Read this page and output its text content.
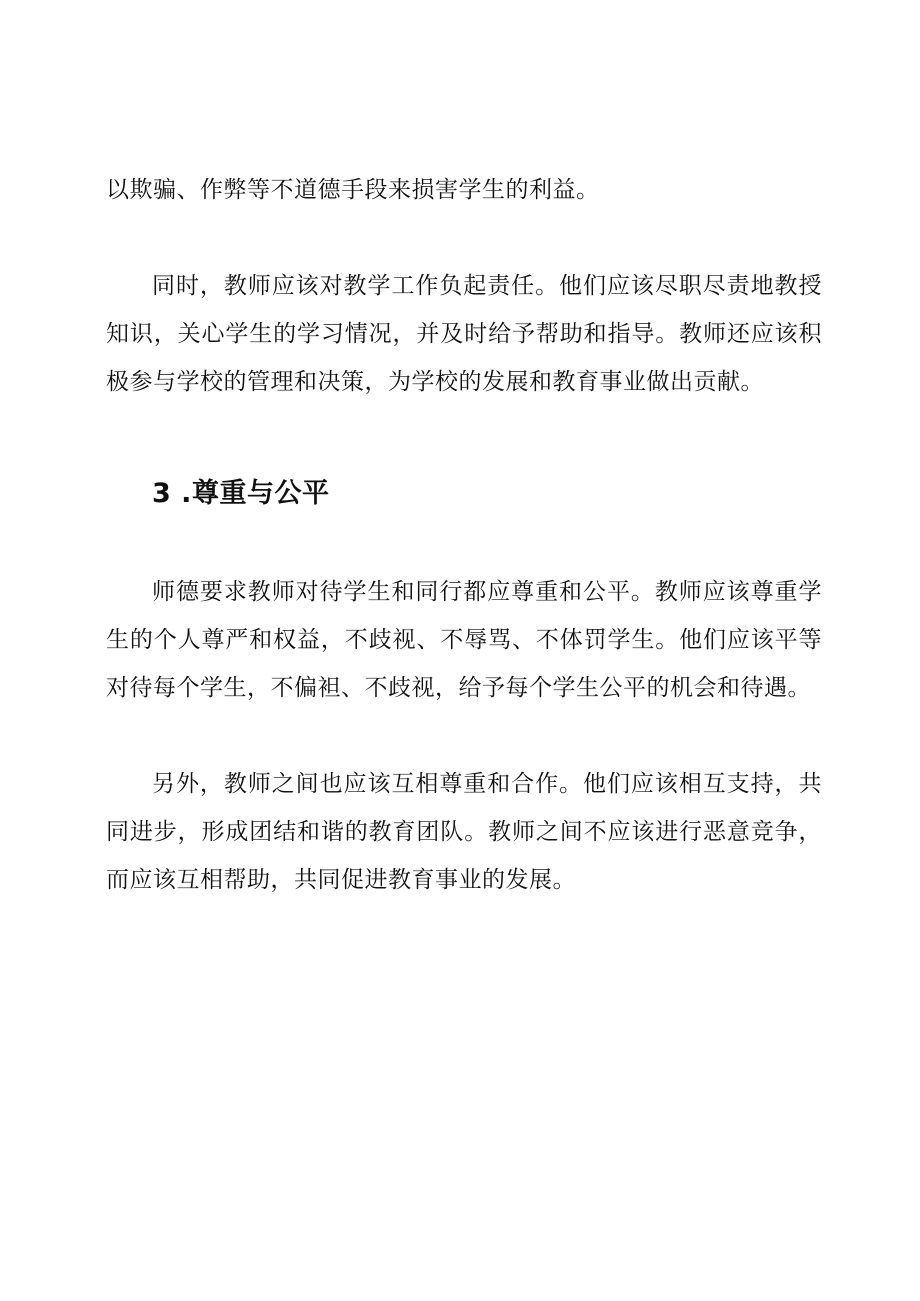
以欺骗、作弊等不道德手段来损害学生的利益。

同时，教师应该对教学工作负起责任。他们应该尽职尽责地教授知识，关心学生的学习情况，并及时给予帮助和指导。教师还应该积极参与学校的管理和决策，为学校的发展和教育事业做出贡献。

3 .尊重与公平

师德要求教师对待学生和同行都应尊重和公平。教师应该尊重学生的个人尊严和权益，不歧视、不辱骂、不体罚学生。他们应该平等对待每个学生，不偏袒、不歧视，给予每个学生公平的机会和待遇。

另外，教师之间也应该互相尊重和合作。他们应该相互支持，共同进步，形成团结和谐的教育团队。教师之间不应该进行恶意竞争，而应该互相帮助，共同促进教育事业的发展。
